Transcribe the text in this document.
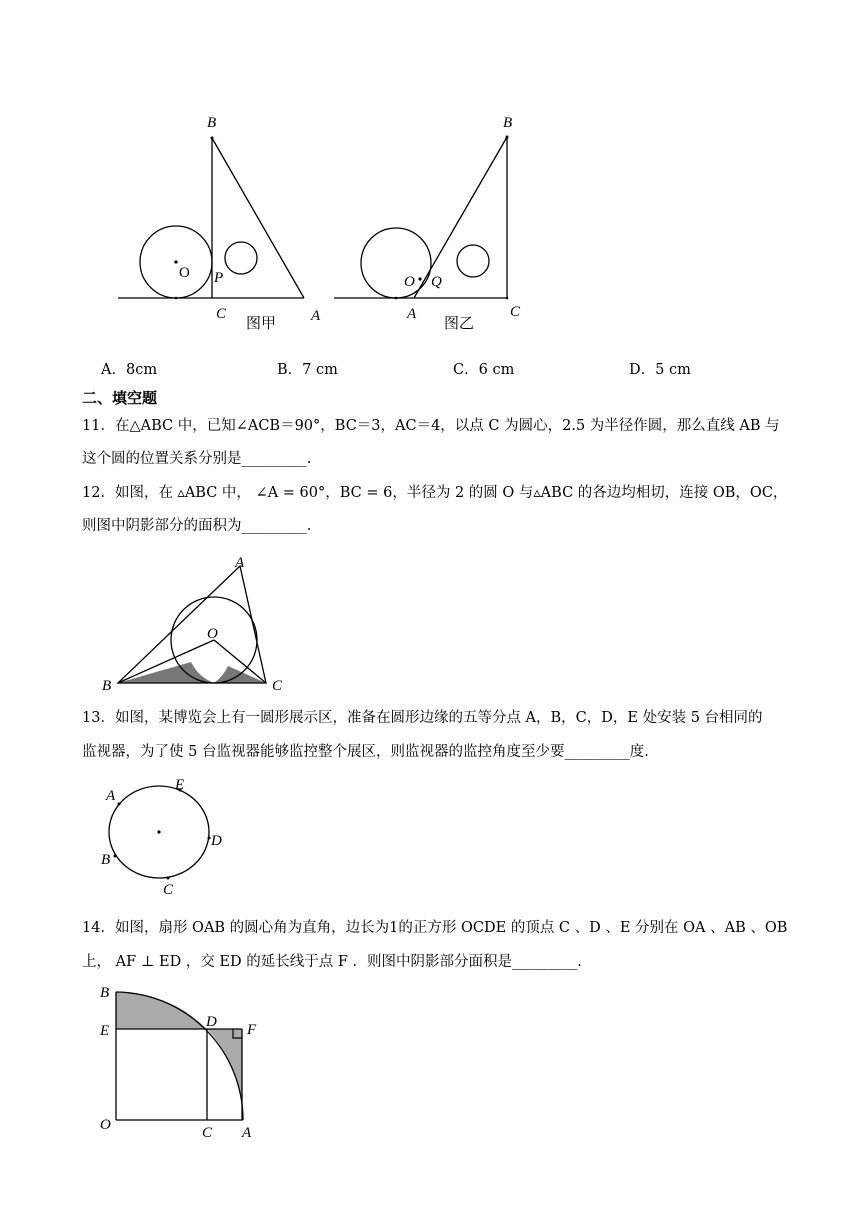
B
O P
C	A
图甲
B
O Q
A	C
图乙
A．8cm	B．7 cm	C．6 cm	D．5 cm
二、填空题
11．在△ABC 中，已知∠ACB＝90°，BC＝3，AC＝4，以点 C 为圆心，2.5 为半径作圆，那么直线 AB 与
这个圆的位置关系分别是_________.
12．如图，在 ▵ABC 中， ∠A = 60°，BC = 6，半径为 2 的圆 O 与▵ABC 的各边均相切，连接 OB，OC，
则图中阴影部分的面积为_________.
A
O
B	C
13．如图，某博览会上有一圆形展示区，准备在圆形边缘的五等分点 A，B，C，D，E 处安装 5 台相同的
监视器，为了使 5 台监视器能够监控整个展区，则监视器的监控角度至少要_________度.
A
E
D
B
C
14．如图，扇形 OAB 的圆心角为直角，边长为1的正方形 OCDE 的顶点 C 、D 、E 分别在 OA 、AB 、OB
上， AF ⊥ ED ，交 ED 的延长线于点 F ．则图中阴影部分面积是_________.
B
E
D F
O	C A
